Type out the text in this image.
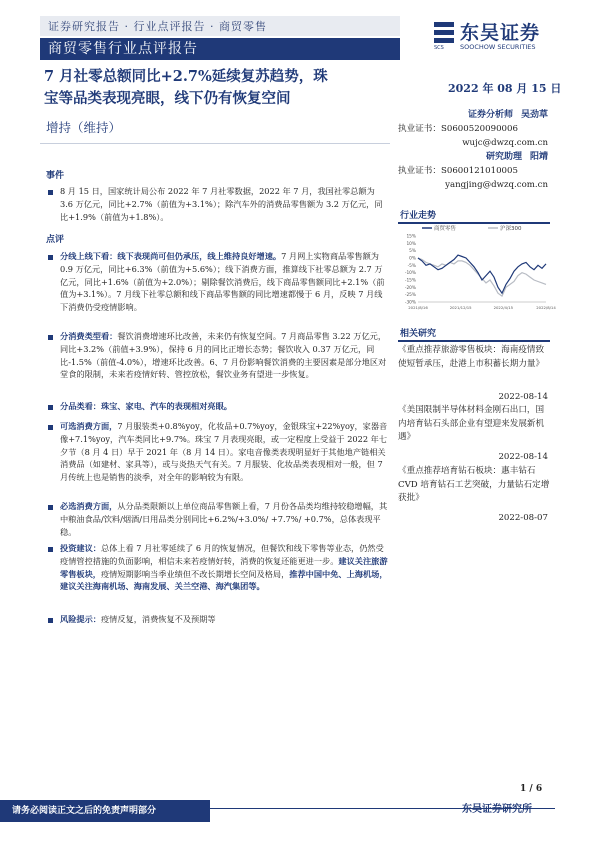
证券研究报告 · 行业点评报告 · 商贸零售
商贸零售行业点评报告	SCS
东吴证券
SOOCHOW SECURITIES
7 月社零总额同比+2.7%延续复苏趋势，珠
宝等品类表现亮眼，线下仍有恢复空间
增持（维持）
2022 年 08 月 15 日
证券分析师 吴劲草
执业证书：S0600520090006
wujc@dwzq.com.cn
研究助理 阳靖
执业证书：S0600121010005
yangjing@dwzq.com.cn
事件
8 月 15 日，国家统计局公布 2022 年 7 月社零数据，2022 年 7 月，我国社零总额为 3.6 万亿元，同比+2.7%（前值为+3.1%）；除汽车外的消费品零售额为 3.2 万亿元，同比+1.9%（前值为+1.8%）。
点评
分线上线下看：线下表现尚可但仍承压，线上维持良好增速。7 月网上实物商品零售额为 0.9 万亿元，同比+6.3%（前值为+5.6%）；线下消费方面，推算线下社零总额为 2.7 万亿元，同比+1.6%（前值为+2.0%）；剔除餐饮消费后，线下商品零售额同比+2.1%（前值为+3.1%）。7 月线下社零总额和线下商品零售额的同比增速都慢于 6 月，反映 7 月线下消费仍受疫情影响。
分消费类型看：餐饮消费增速环比改善，未来仍有恢复空间。7 月商品零售 3.22 万亿元，同比+3.2%（前值+3.9%），保持 6 月的同比正增长态势；餐饮收入 0.37 万亿元，同比-1.5%（前值-4.0%），增速环比改善。6、7 月份影响餐饮消费的主要因素是部分地区对堂食的限制，未来若疫情好转、管控放松，餐饮业务有望进一步恢复。
分品类看：珠宝、家电、汽车的表现相对亮眼。
可选消费方面，7 月服装类+0.8%yoy，化妆品+0.7%yoy，金银珠宝+22%yoy，家器音像+7.1%yoy，汽车类同比+9.7%。珠宝 7 月表现亮眼，或一定程度上受益于 2022 年七夕节（8 月 4 日）早于 2021 年（8 月 14 日）。家电音像类表现明显好于其他地产链相关消费品（如建材、家具等），或与炎热天气有关。7 月服装、化妆品类表现相对一般，但 7 月传统上也是销售的淡季，对全年的影响较为有限。
必选消费方面，从分品类限额以上单位商品零售额上看，7 月份各品类均维持较稳增幅，其中粮油食品/饮料/烟酒/日用品类分别同比+6.2%/+3.0%/ +7.7%/ +0.7%，总体表现平稳。
投资建议：总体上看 7 月社零延续了 6 月的恢复情况，但餐饮和线下零售等业态，仍然受疫情管控措施的负面影响，相信未来若疫情好转，消费的恢复还能更进一步。建议关注旅游零售板块，疫情短期影响当季业绩但不改长期增长空间及格局，推荐中国中免、上海机场，建议关注海南机场、海南发展、关兰空港、海汽集团等。
风险提示：疫情反复，消费恢复不及预期等
行业走势
商贸零售	沪深300
15%
10%
5%
0%
-5%
-10%
-15%
-20%
-25%
-30%
2021/8/16	2021/12/15	2022/4/15	2022/8/14
相关研究
《重点推荐旅游零售板块：海南疫情致使短暂承压，赴港上市积蓄长期力量》
2022-08-14
《美国限制半导体材料金刚石出口，国内培育钻石头部企业有望迎来发展新机遇》
2022-08-14
《重点推荐培育钻石板块：惠丰钻石 CVD 培育钻石工艺突破，力量钻石定增获批》
2022-08-07
1 / 6
请务必阅读正文之后的免责声明部分	东吴证券研究所
